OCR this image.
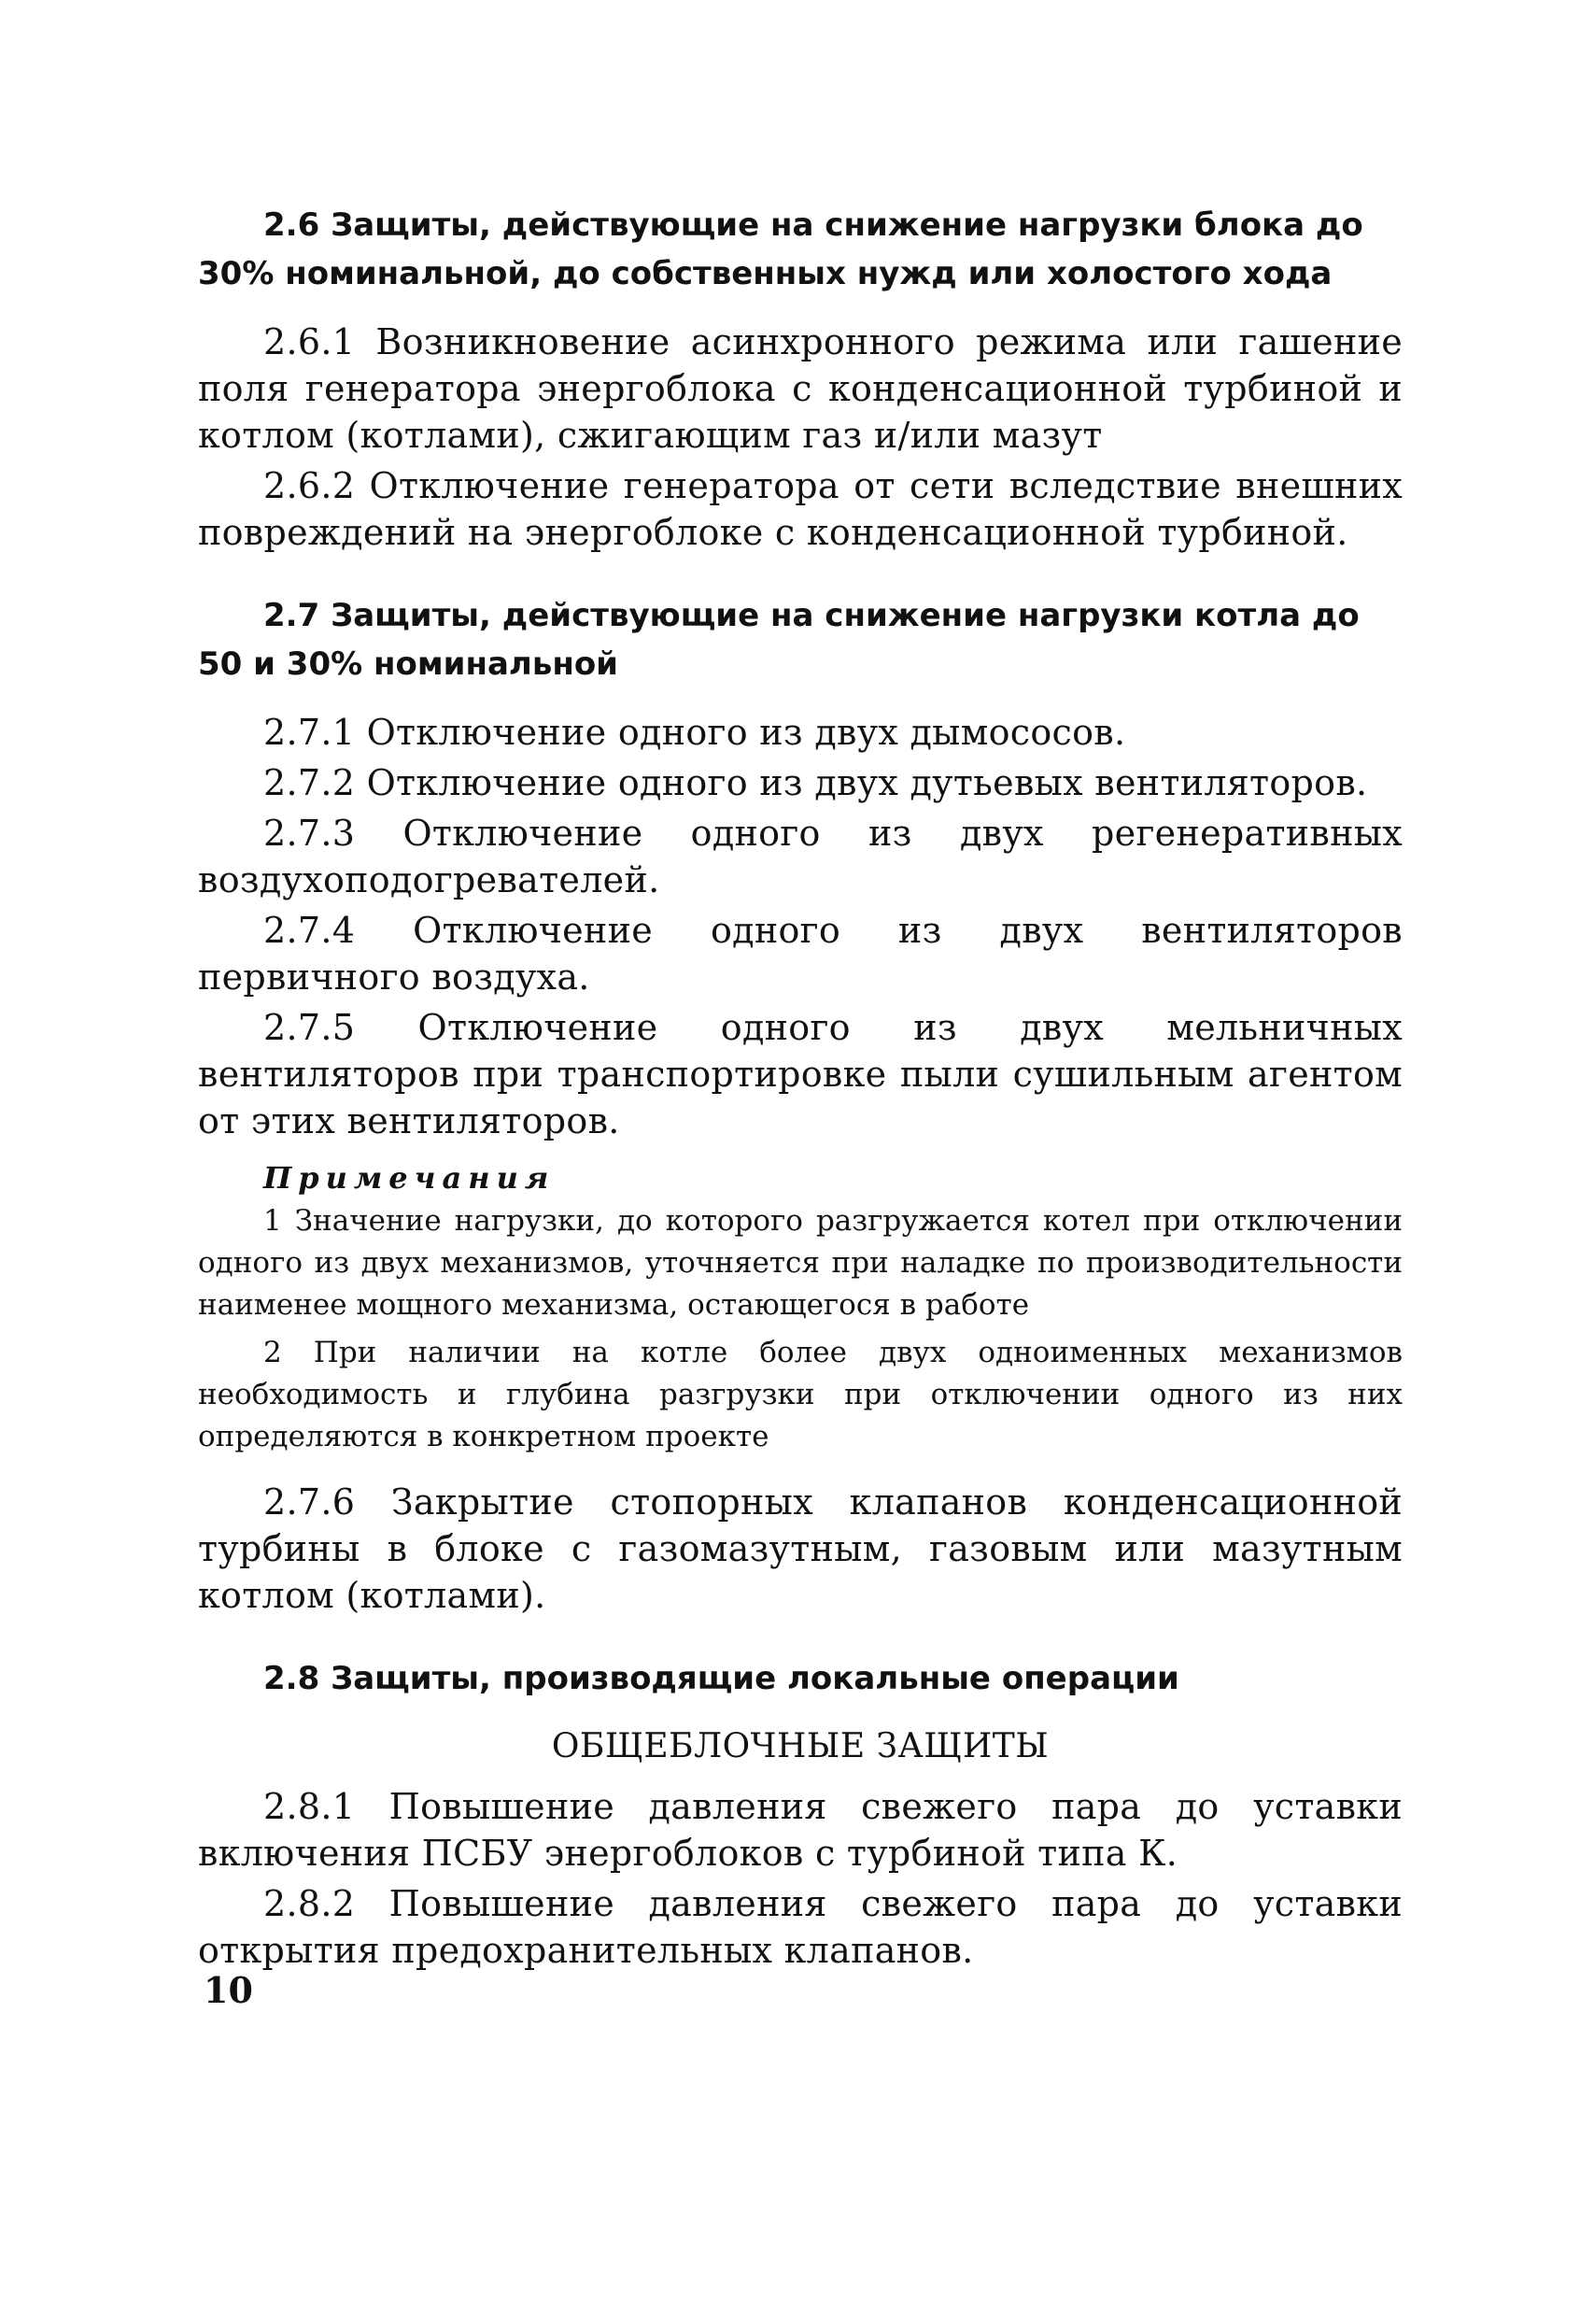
2.6 Защиты, действующие на снижение нагрузки блока до 30% номинальной, до собственных нужд или холостого хода

2.6.1 Возникновение асинхронного режима или гашение поля генератора энергоблока с конденсационной турбиной и котлом (котлами), сжигающим газ и/или мазут

2.6.2 Отключение генератора от сети вследствие внешних повреждений на энергоблоке с конденсационной турбиной.

2.7 Защиты, действующие на снижение нагрузки котла до 50 и 30% номинальной

2.7.1 Отключение одного из двух дымососов.

2.7.2 Отключение одного из двух дутьевых вентиляторов.

2.7.3 Отключение одного из двух регенеративных воздухоподогревателей.

2.7.4 Отключение одного из двух вентиляторов первичного воздуха.

2.7.5 Отключение одного из двух мельничных вентиляторов при транспортировке пыли сушильным агентом от этих вентиляторов.

Примечания

1 Значение нагрузки, до которого разгружается котел при отключении одного из двух механизмов, уточняется при наладке по производительности наименее мощного механизма, остающегося в работе

2 При наличии на котле более двух одноименных механизмов необходимость и глубина разгрузки при отключении одного из них определяются в конкретном проекте

2.7.6 Закрытие стопорных клапанов конденсационной турбины в блоке с газомазутным, газовым или мазутным котлом (котлами).

2.8 Защиты, производящие локальные операции
ОБЩЕБЛОЧНЫЕ ЗАЩИТЫ

2.8.1 Повышение давления свежего пара до уставки включения ПСБУ энергоблоков с турбиной типа К.

2.8.2 Повышение давления свежего пара до уставки открытия предохранительных клапанов.

10
